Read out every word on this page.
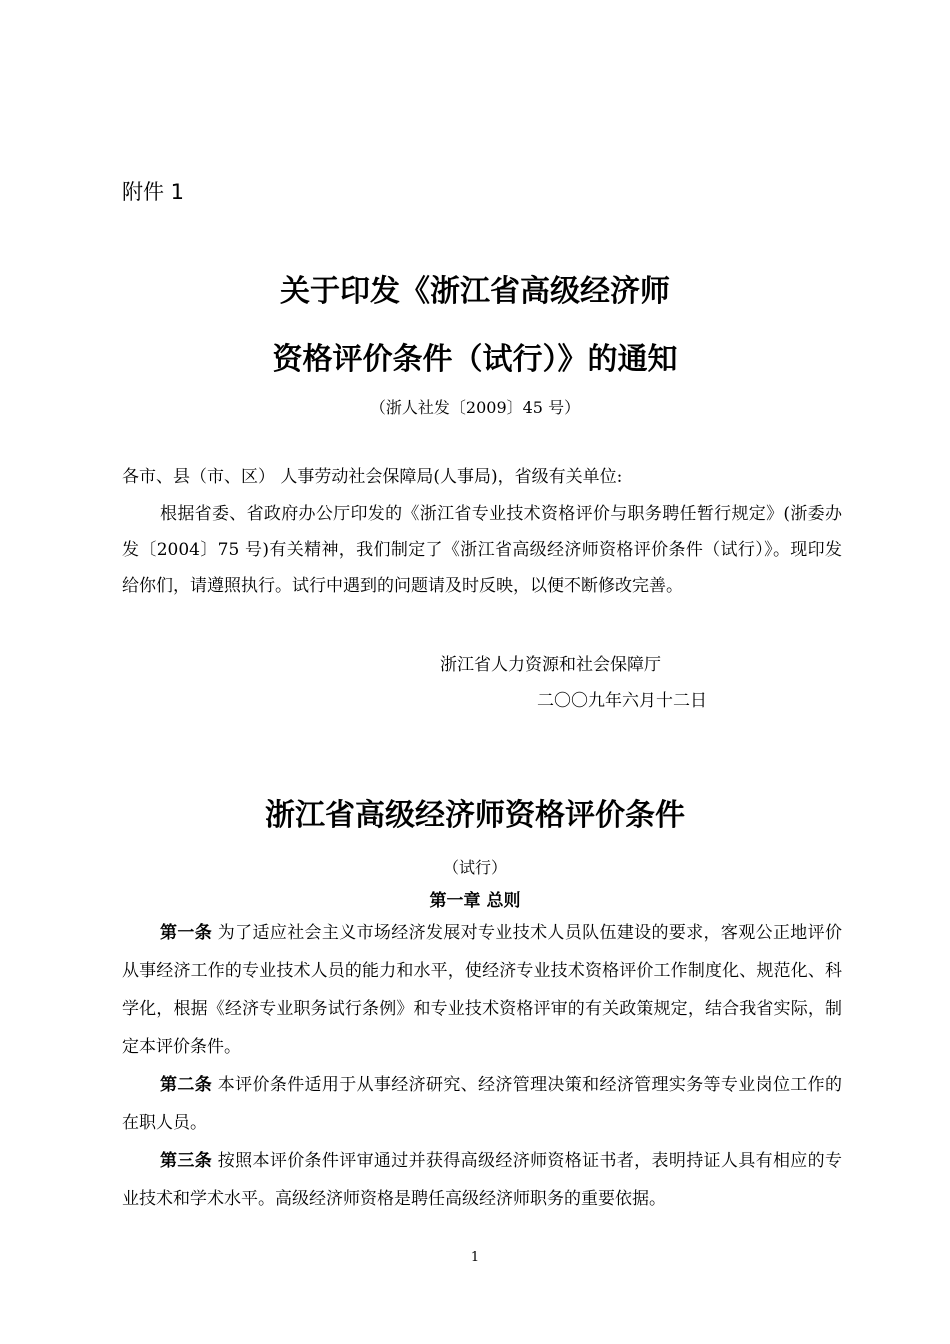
附件 1
关于印发《浙江省高级经济师
资格评价条件（试行）》的通知
（浙人社发〔2009〕45 号）
各市、县（市、区） 人事劳动社会保障局(人事局)，省级有关单位:
根据省委、省政府办公厅印发的《浙江省专业技术资格评价与职务聘任暂行规定》(浙委办发〔2004〕75 号)有关精神，我们制定了《浙江省高级经济师资格评价条件（试行）》。现印发给你们，请遵照执行。试行中遇到的问题请及时反映，以便不断修改完善。
浙江省人力资源和社会保障厅
二〇〇九年六月十二日
浙江省高级经济师资格评价条件
（试行）
第一章 总则
第一条 为了适应社会主义市场经济发展对专业技术人员队伍建设的要求，客观公正地评价从事经济工作的专业技术人员的能力和水平，使经济专业技术资格评价工作制度化、规范化、科学化，根据《经济专业职务试行条例》和专业技术资格评审的有关政策规定，结合我省实际，制定本评价条件。
第二条 本评价条件适用于从事经济研究、经济管理决策和经济管理实务等专业岗位工作的在职人员。
第三条 按照本评价条件评审通过并获得高级经济师资格证书者，表明持证人具有相应的专业技术和学术水平。高级经济师资格是聘任高级经济师职务的重要依据。
1
